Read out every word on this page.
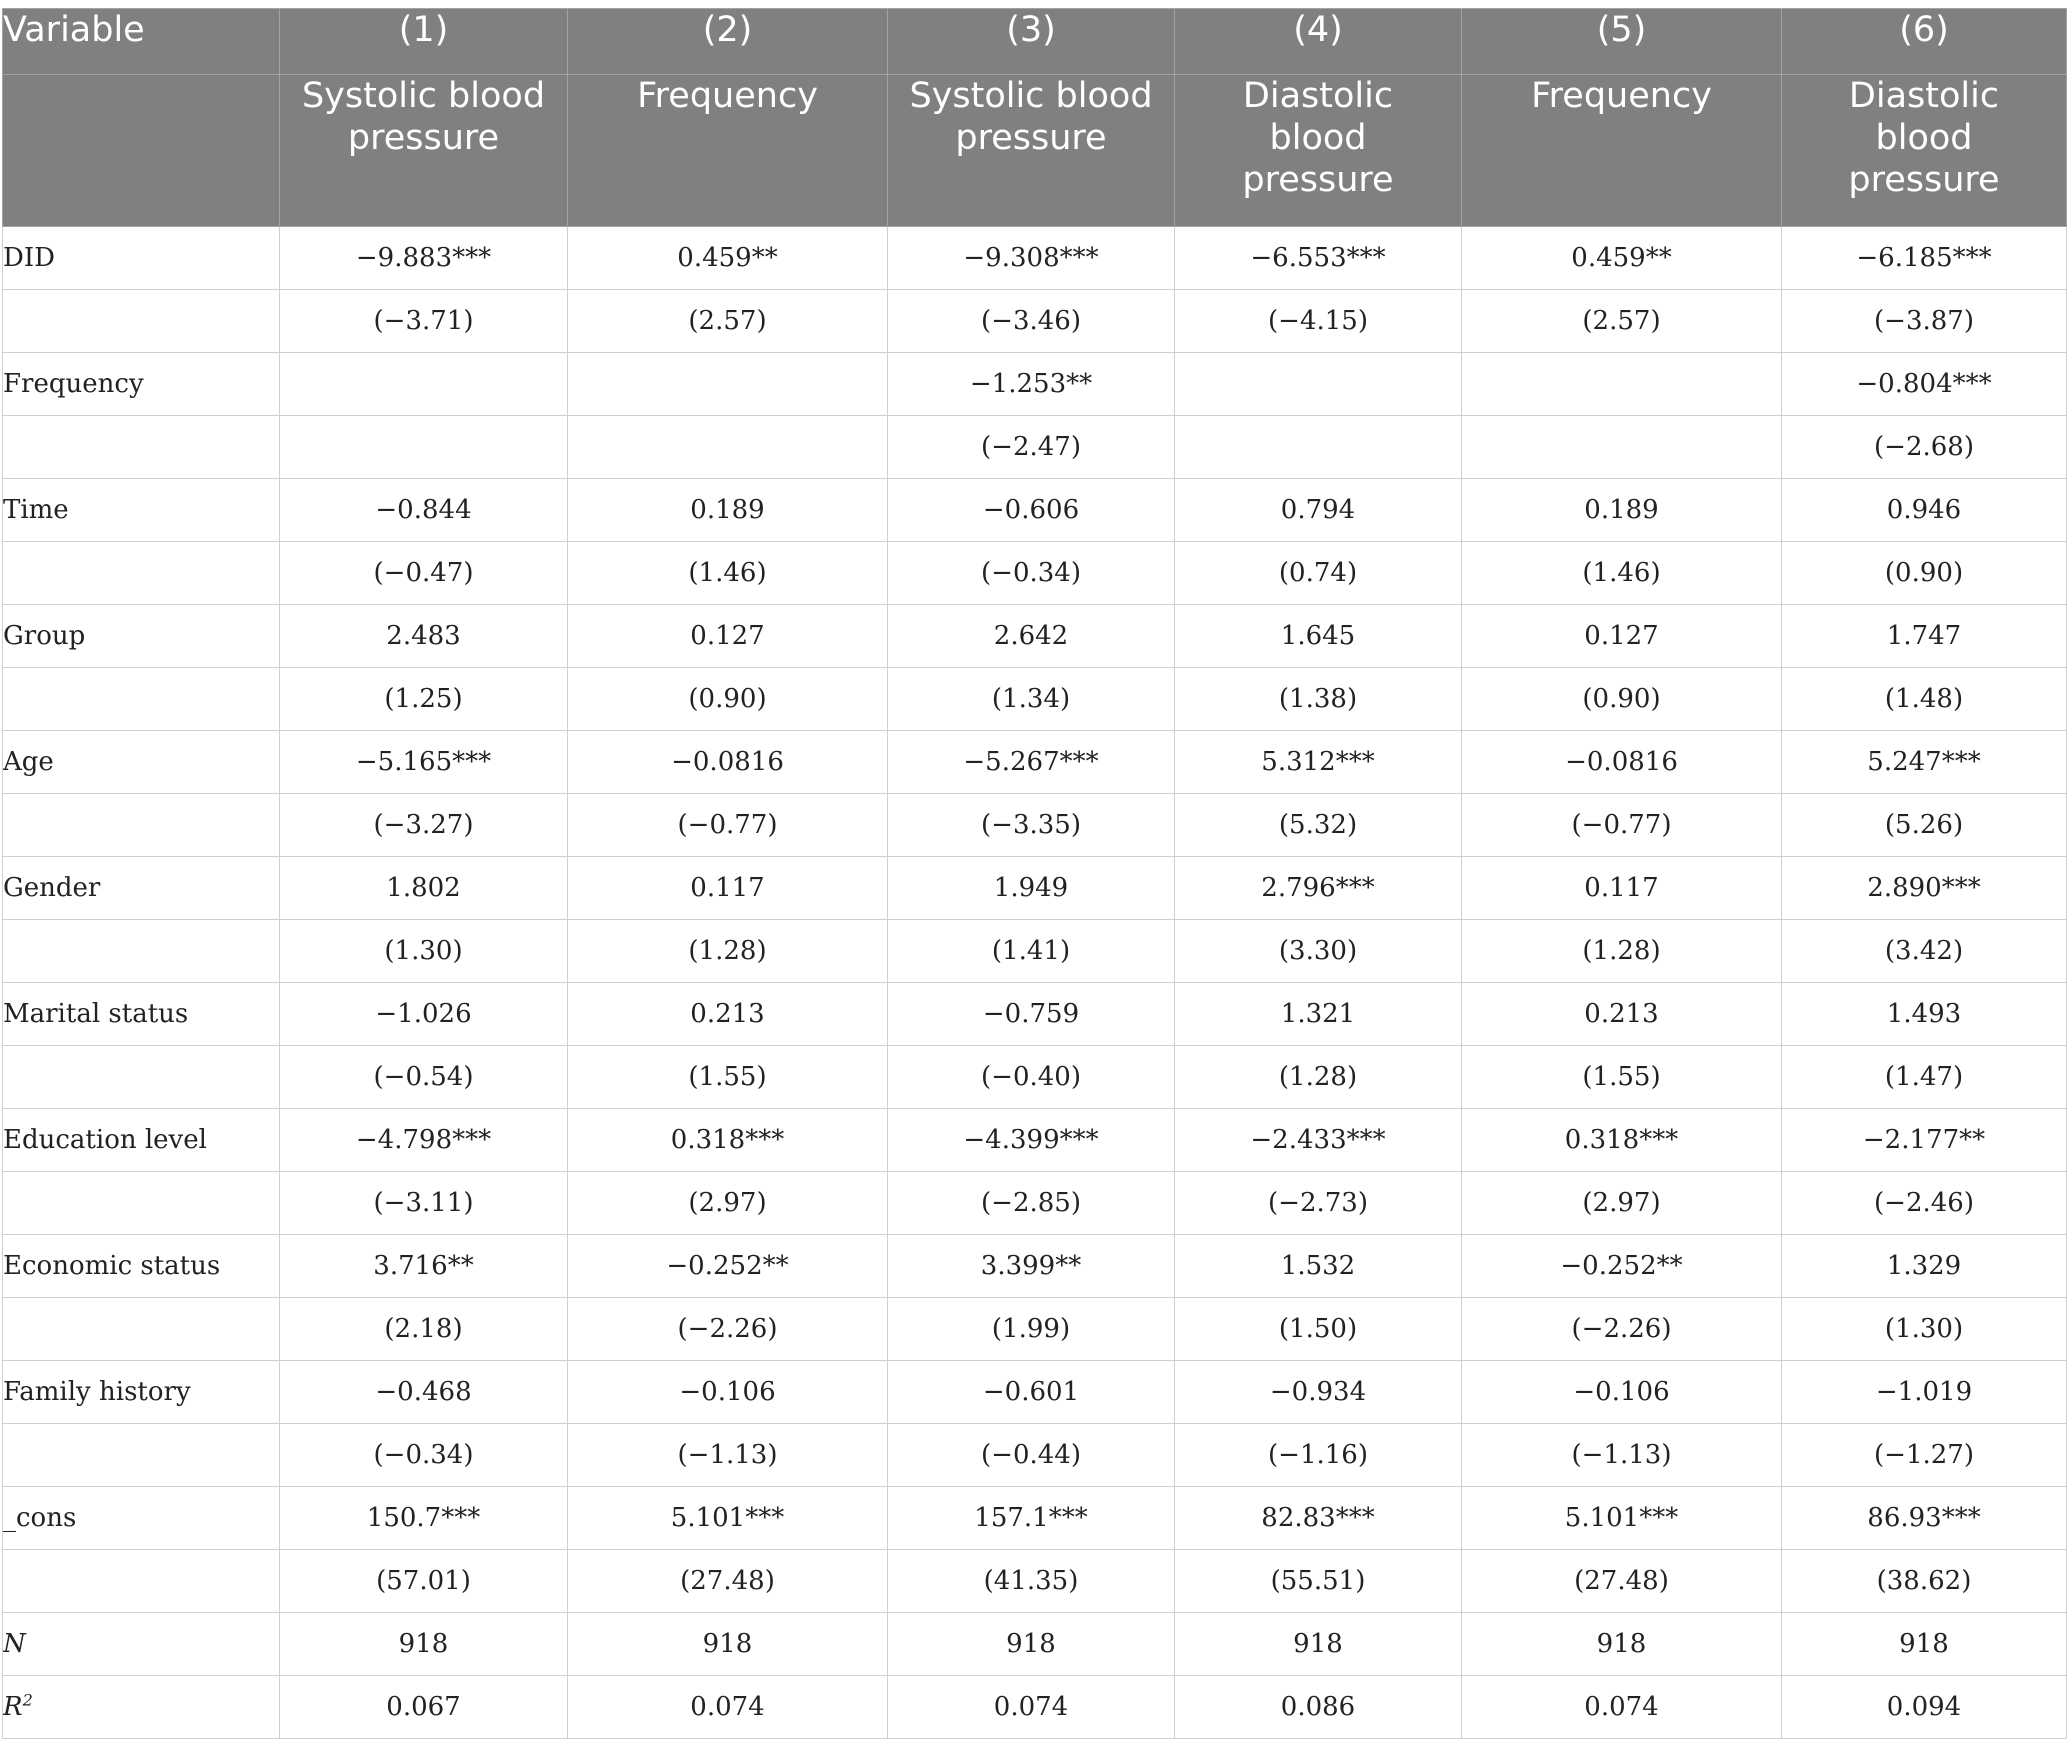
Variable	(1)	(2)	(3)	(4)	(5)	(6)
	Systolic blood pressure	Frequency	Systolic blood pressure	Diastolic blood pressure	Frequency	Diastolic blood pressure
DID	−9.883***	0.459**	−9.308***	−6.553***	0.459**	−6.185***
	(−3.71)	(2.57)	(−3.46)	(−4.15)	(2.57)	(−3.87)
Frequency			−1.253**			−0.804***
			(−2.47)			(−2.68)
Time	−0.844	0.189	−0.606	0.794	0.189	0.946
	(−0.47)	(1.46)	(−0.34)	(0.74)	(1.46)	(0.90)
Group	2.483	0.127	2.642	1.645	0.127	1.747
	(1.25)	(0.90)	(1.34)	(1.38)	(0.90)	(1.48)
Age	−5.165***	−0.0816	−5.267***	5.312***	−0.0816	5.247***
	(−3.27)	(−0.77)	(−3.35)	(5.32)	(−0.77)	(5.26)
Gender	1.802	0.117	1.949	2.796***	0.117	2.890***
	(1.30)	(1.28)	(1.41)	(3.30)	(1.28)	(3.42)
Marital status	−1.026	0.213	−0.759	1.321	0.213	1.493
	(−0.54)	(1.55)	(−0.40)	(1.28)	(1.55)	(1.47)
Education level	−4.798***	0.318***	−4.399***	−2.433***	0.318***	−2.177**
	(−3.11)	(2.97)	(−2.85)	(−2.73)	(2.97)	(−2.46)
Economic status	3.716**	−0.252**	3.399**	1.532	−0.252**	1.329
	(2.18)	(−2.26)	(1.99)	(1.50)	(−2.26)	(1.30)
Family history	−0.468	−0.106	−0.601	−0.934	−0.106	−1.019
	(−0.34)	(−1.13)	(−0.44)	(−1.16)	(−1.13)	(−1.27)
_cons	150.7***	5.101***	157.1***	82.83***	5.101***	86.93***
	(57.01)	(27.48)	(41.35)	(55.51)	(27.48)	(38.62)
N	918	918	918	918	918	918
$R^2$	0.067	0.074	0.074	0.086	0.074	0.094
